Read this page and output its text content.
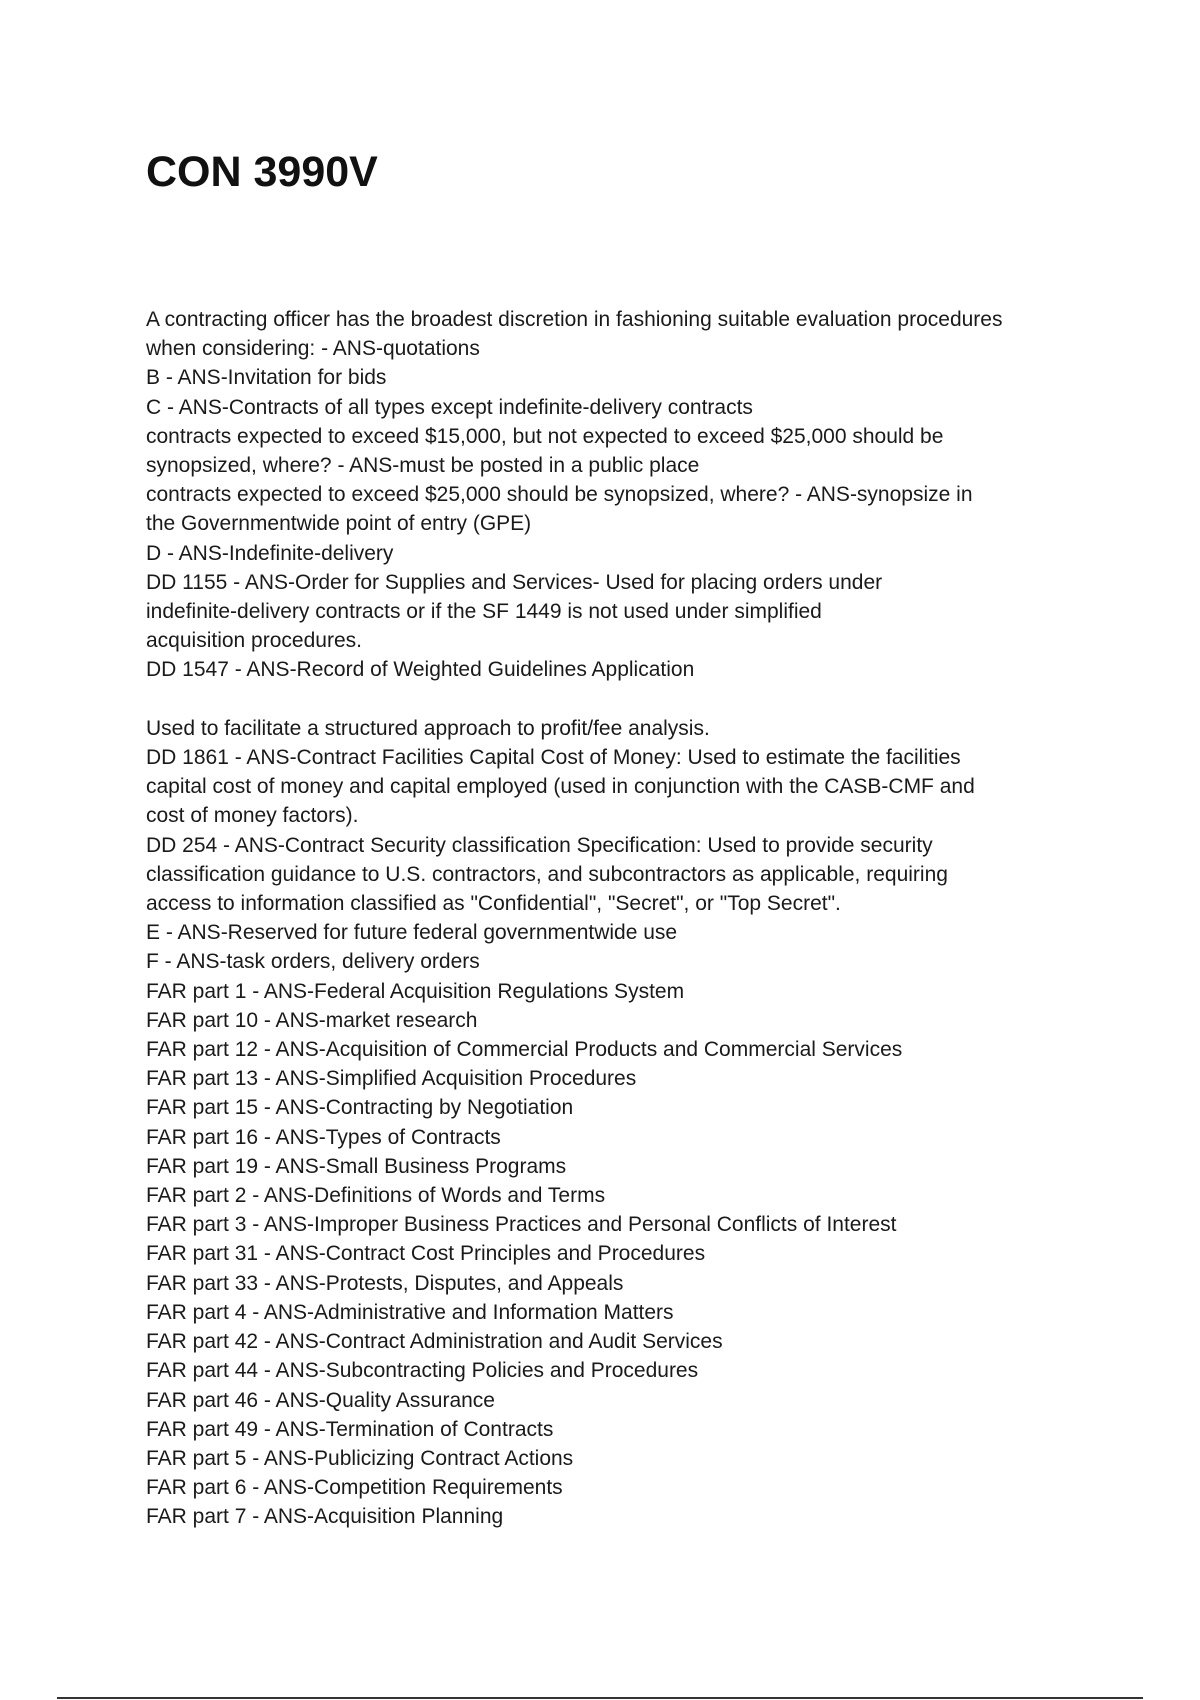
CON 3990V

A contracting officer has the broadest discretion in fashioning suitable evaluation procedures

when considering: - ANS-quotations

B - ANS-Invitation for bids

C - ANS-Contracts of all types except indefinite-delivery contracts

contracts expected to exceed $15,000, but not expected to exceed $25,000 should be

synopsized, where? - ANS-must be posted in a public place

contracts expected to exceed $25,000 should be synopsized, where? - ANS-synopsize in

the Governmentwide point of entry (GPE)

D - ANS-Indefinite-delivery

DD 1155 - ANS-Order for Supplies and Services- Used for placing orders under

indefinite-delivery contracts or if the SF 1449 is not used under simplified

acquisition procedures.

DD 1547 - ANS-Record of Weighted Guidelines Application

Used to facilitate a structured approach to profit/fee analysis.

DD 1861 - ANS-Contract Facilities Capital Cost of Money: Used to estimate the facilities

capital cost of money and capital employed (used in conjunction with the CASB-CMF and

cost of money factors).

DD 254 - ANS-Contract Security classification Specification: Used to provide security

classification guidance to U.S. contractors, and subcontractors as applicable, requiring

access to information classified as "Confidential", "Secret", or "Top Secret".

E - ANS-Reserved for future federal governmentwide use

F - ANS-task orders, delivery orders

FAR part 1 - ANS-Federal Acquisition Regulations System

FAR part 10 - ANS-market research

FAR part 12 - ANS-Acquisition of Commercial Products and Commercial Services

FAR part 13 - ANS-Simplified Acquisition Procedures

FAR part 15 - ANS-Contracting by Negotiation

FAR part 16 - ANS-Types of Contracts

FAR part 19 - ANS-Small Business Programs

FAR part 2 - ANS-Definitions of Words and Terms

FAR part 3 - ANS-Improper Business Practices and Personal Conflicts of Interest

FAR part 31 - ANS-Contract Cost Principles and Procedures

FAR part 33 - ANS-Protests, Disputes, and Appeals

FAR part 4 - ANS-Administrative and Information Matters

FAR part 42 - ANS-Contract Administration and Audit Services

FAR part 44 - ANS-Subcontracting Policies and Procedures

FAR part 46 - ANS-Quality Assurance

FAR part 49 - ANS-Termination of Contracts

FAR part 5 - ANS-Publicizing Contract Actions

FAR part 6 - ANS-Competition Requirements

FAR part 7 - ANS-Acquisition Planning
